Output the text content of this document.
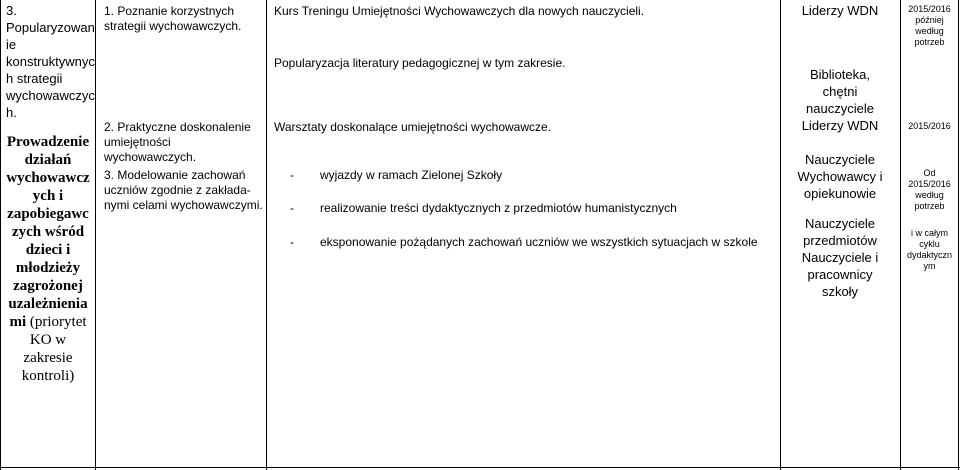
3.

Popularyzowan

ie

konstruktywnyc

h strategii

wychowawczyc

h.

Prowadzenie

działań

wychowawcz

ych i

zapobiegawc

zych wśród

dzieci i

młodzieży

zagrożonej

uzależnienia

mi (priorytet

KO w

zakresie

kontroli)

1. Poznanie korzystnych

strategii wychowawczych.

2. Praktyczne doskonalenie

umiejętności wychowawczych.

3. Modelowanie zachowań

uczniów zgodnie z zakłada-

nymi celami wychowawczymi.

Kurs Treningu Umiejętności Wychowawczych dla nowych nauczycieli.
Popularyzacja literatury pedagogicznej w tym zakresie.
Warsztaty doskonalące umiejętności wychowawcze.
- wyjazdy w ramach Zielonej Szkoły
- realizowanie treści dydaktycznych z przedmiotów humanistycznych
- eksponowanie pożądanych zachowań uczniów we wszystkich sytuacjach w szkole
Liderzy WDN

Biblioteka,

chętni

nauczyciele

Liderzy WDN

Nauczyciele

Wychowawcy i

opiekunowie

Nauczyciele

przedmiotów

Nauczyciele i

pracownicy

szkoły

2015/2016

później

według

potrzeb

2015/2016

Od

2015/2016

według

potrzeb

i w całym

cyklu

dydaktyczn

ym
